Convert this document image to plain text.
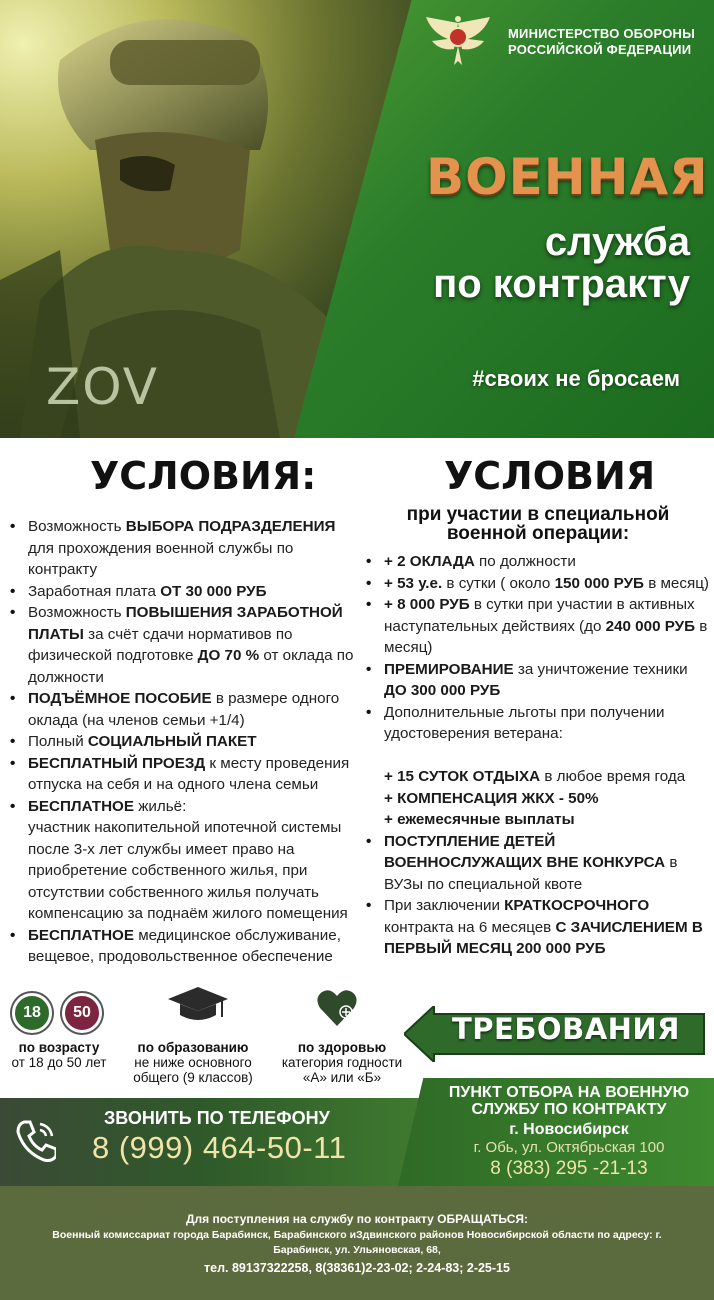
ZOV
МИНИСТЕРСТВО ОБОРОНЫ
РОССИЙСКОЙ ФЕДЕРАЦИИ
ВОЕННАЯ
служба
по контракту
#своих не бросаем
УСЛОВИЯ:	УСЛОВИЯ
при участии в специальной военной операции:
• Возможность ВЫБОРА ПОДРАЗДЕЛЕНИЯ для прохождения военной службы по контракту
• Заработная плата ОТ 30 000 РУБ
• Возможность ПОВЫШЕНИЯ ЗАРАБОТНОЙ ПЛАТЫ за счёт сдачи нормативов по физической подготовке ДО 70 % от оклада по должности
• ПОДЪЁМНОЕ ПОСОБИЕ в размере одного оклада (на членов семьи +1/4)
• Полный СОЦИАЛЬНЫЙ ПАКЕТ
• БЕСПЛАТНЫЙ ПРОЕЗД к месту проведения отпуска на себя и на одного члена семьи
• БЕСПЛАТНОЕ жильё:
участник накопительной ипотечной системы после 3-х лет службы имеет право на приобретение собственного жилья, при отсутствии собственного жилья получать компенсацию за поднаём жилого помещения
• БЕСПЛАТНОЕ медицинское обслуживание, вещевое, продовольственное обеспечение
• + 2 ОКЛАДА по должности
• + 53 у.е. в сутки ( около 150 000 РУБ в месяц)
• + 8 000 РУБ в сутки при участии в активных наступательных действиях (до 240 000 РУБ в месяц)
• ПРЕМИРОВАНИЕ за уничтожение техники ДО 300 000 РУБ
• Дополнительные льготы при получении удостоверения ветерана:

+ 15 СУТОК ОТДЫХА в любое время года
+ КОМПЕНСАЦИЯ ЖКХ - 50%
+ ежемесячные выплаты
• ПОСТУПЛЕНИЕ ДЕТЕЙ ВОЕННОСЛУЖАЩИХ ВНЕ КОНКУРСА в ВУЗы по специальной квоте
• При заключении КРАТКОСРОЧНОГО контракта на 6 месяцев С ЗАЧИСЛЕНИЕМ В ПЕРВЫЙ МЕСЯЦ 200 000 РУБ
18	50
по возрасту
от 18 до 50 лет
по образованию
не ниже основного
общего (9 классов)
по здоровью
категория годности
«А» или «Б»
ТРЕБОВАНИЯ
ЗВОНИТЬ ПО ТЕЛЕФОНУ
8 (999) 464-50-11
ПУНКТ ОТБОРА НА ВОЕННУЮ
СЛУЖБУ ПО КОНТРАКТУ
г. Новосибирск
г. Обь, ул. Октябрьская 100
8 (383) 295 -21-13
Для поступления на службу по контракту ОБРАЩАТЬСЯ:
Военный комиссариат города Барабинск, Барабинского иЗдвинского районов Новосибирской области по адресу: г.
Барабинск, ул. Ульяновская, 68,
тел. 89137322258, 8(38361)2-23-02; 2-24-83; 2-25-15
